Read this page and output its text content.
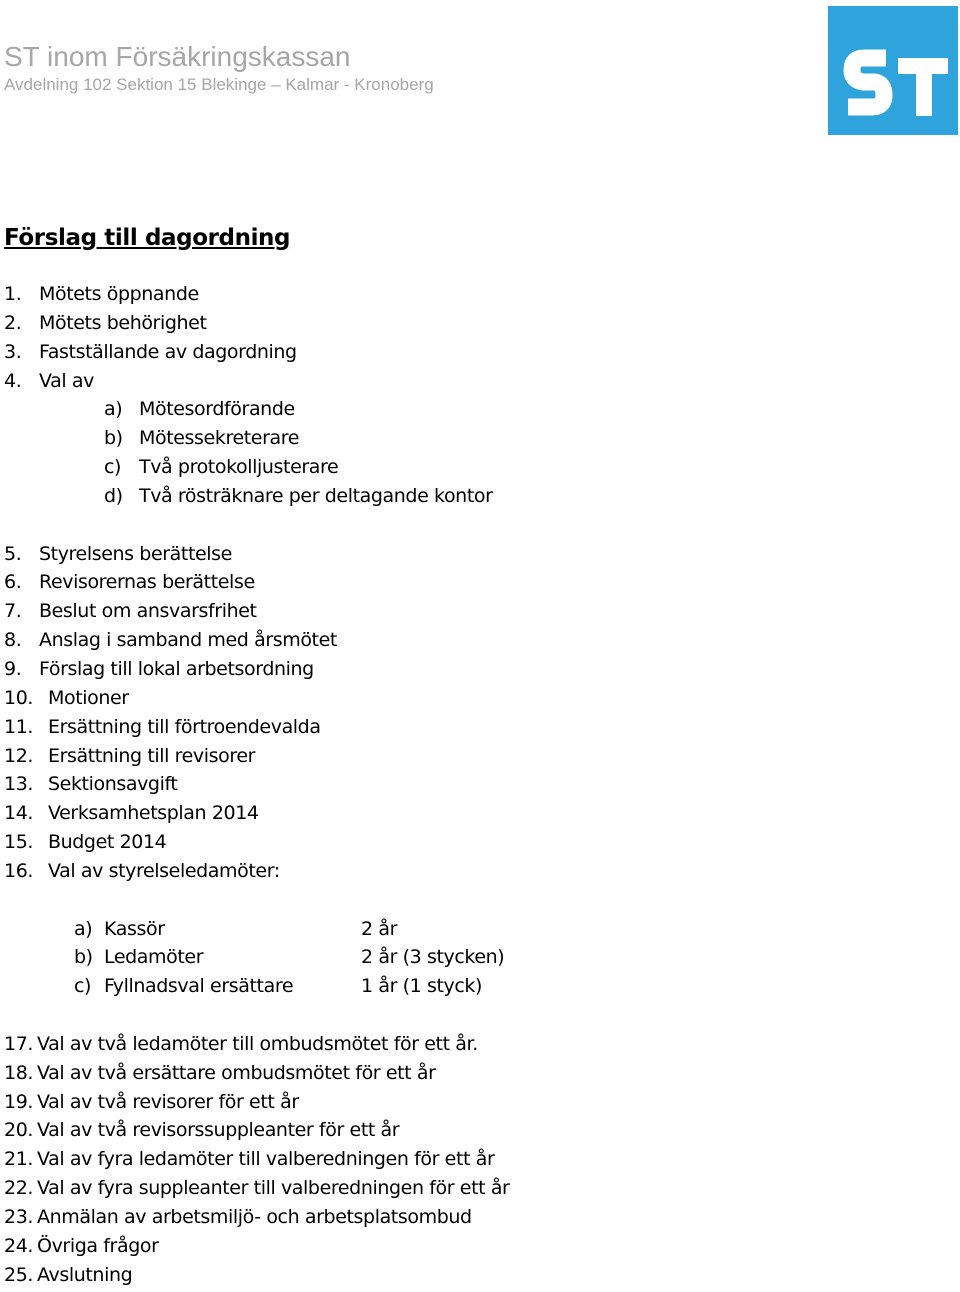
ST inom Försäkringskassan
Avdelning 102 Sektion 15 Blekinge – Kalmar - Kronoberg
Förslag till dagordning
1. Mötets öppnande
2. Mötets behörighet
3. Fastställande av dagordning
4. Val av
a) Mötesordförande
b) Mötessekreterare
c) Två protokolljusterare
d) Två rösträknare per deltagande kontor
5. Styrelsens berättelse
6. Revisorernas berättelse
7. Beslut om ansvarsfrihet
8. Anslag i samband med årsmötet
9. Förslag till lokal arbetsordning
10. Motioner
11. Ersättning till förtroendevalda
12. Ersättning till revisorer
13. Sektionsavgift
14. Verksamhetsplan 2014
15. Budget 2014
16. Val av styrelseledamöter:
a) Kassör	2 år
b) Ledamöter	2 år (3 stycken)
c) Fyllnadsval ersättare	1 år (1 styck)
17. Val av två ledamöter till ombudsmötet för ett år.
18. Val av två ersättare ombudsmötet för ett år
19. Val av två revisorer för ett år
20. Val av två revisorssuppleanter för ett år
21. Val av fyra ledamöter till valberedningen för ett år
22. Val av fyra suppleanter till valberedningen för ett år
23. Anmälan av arbetsmiljö- och arbetsplatsombud
24. Övriga frågor
25. Avslutning
